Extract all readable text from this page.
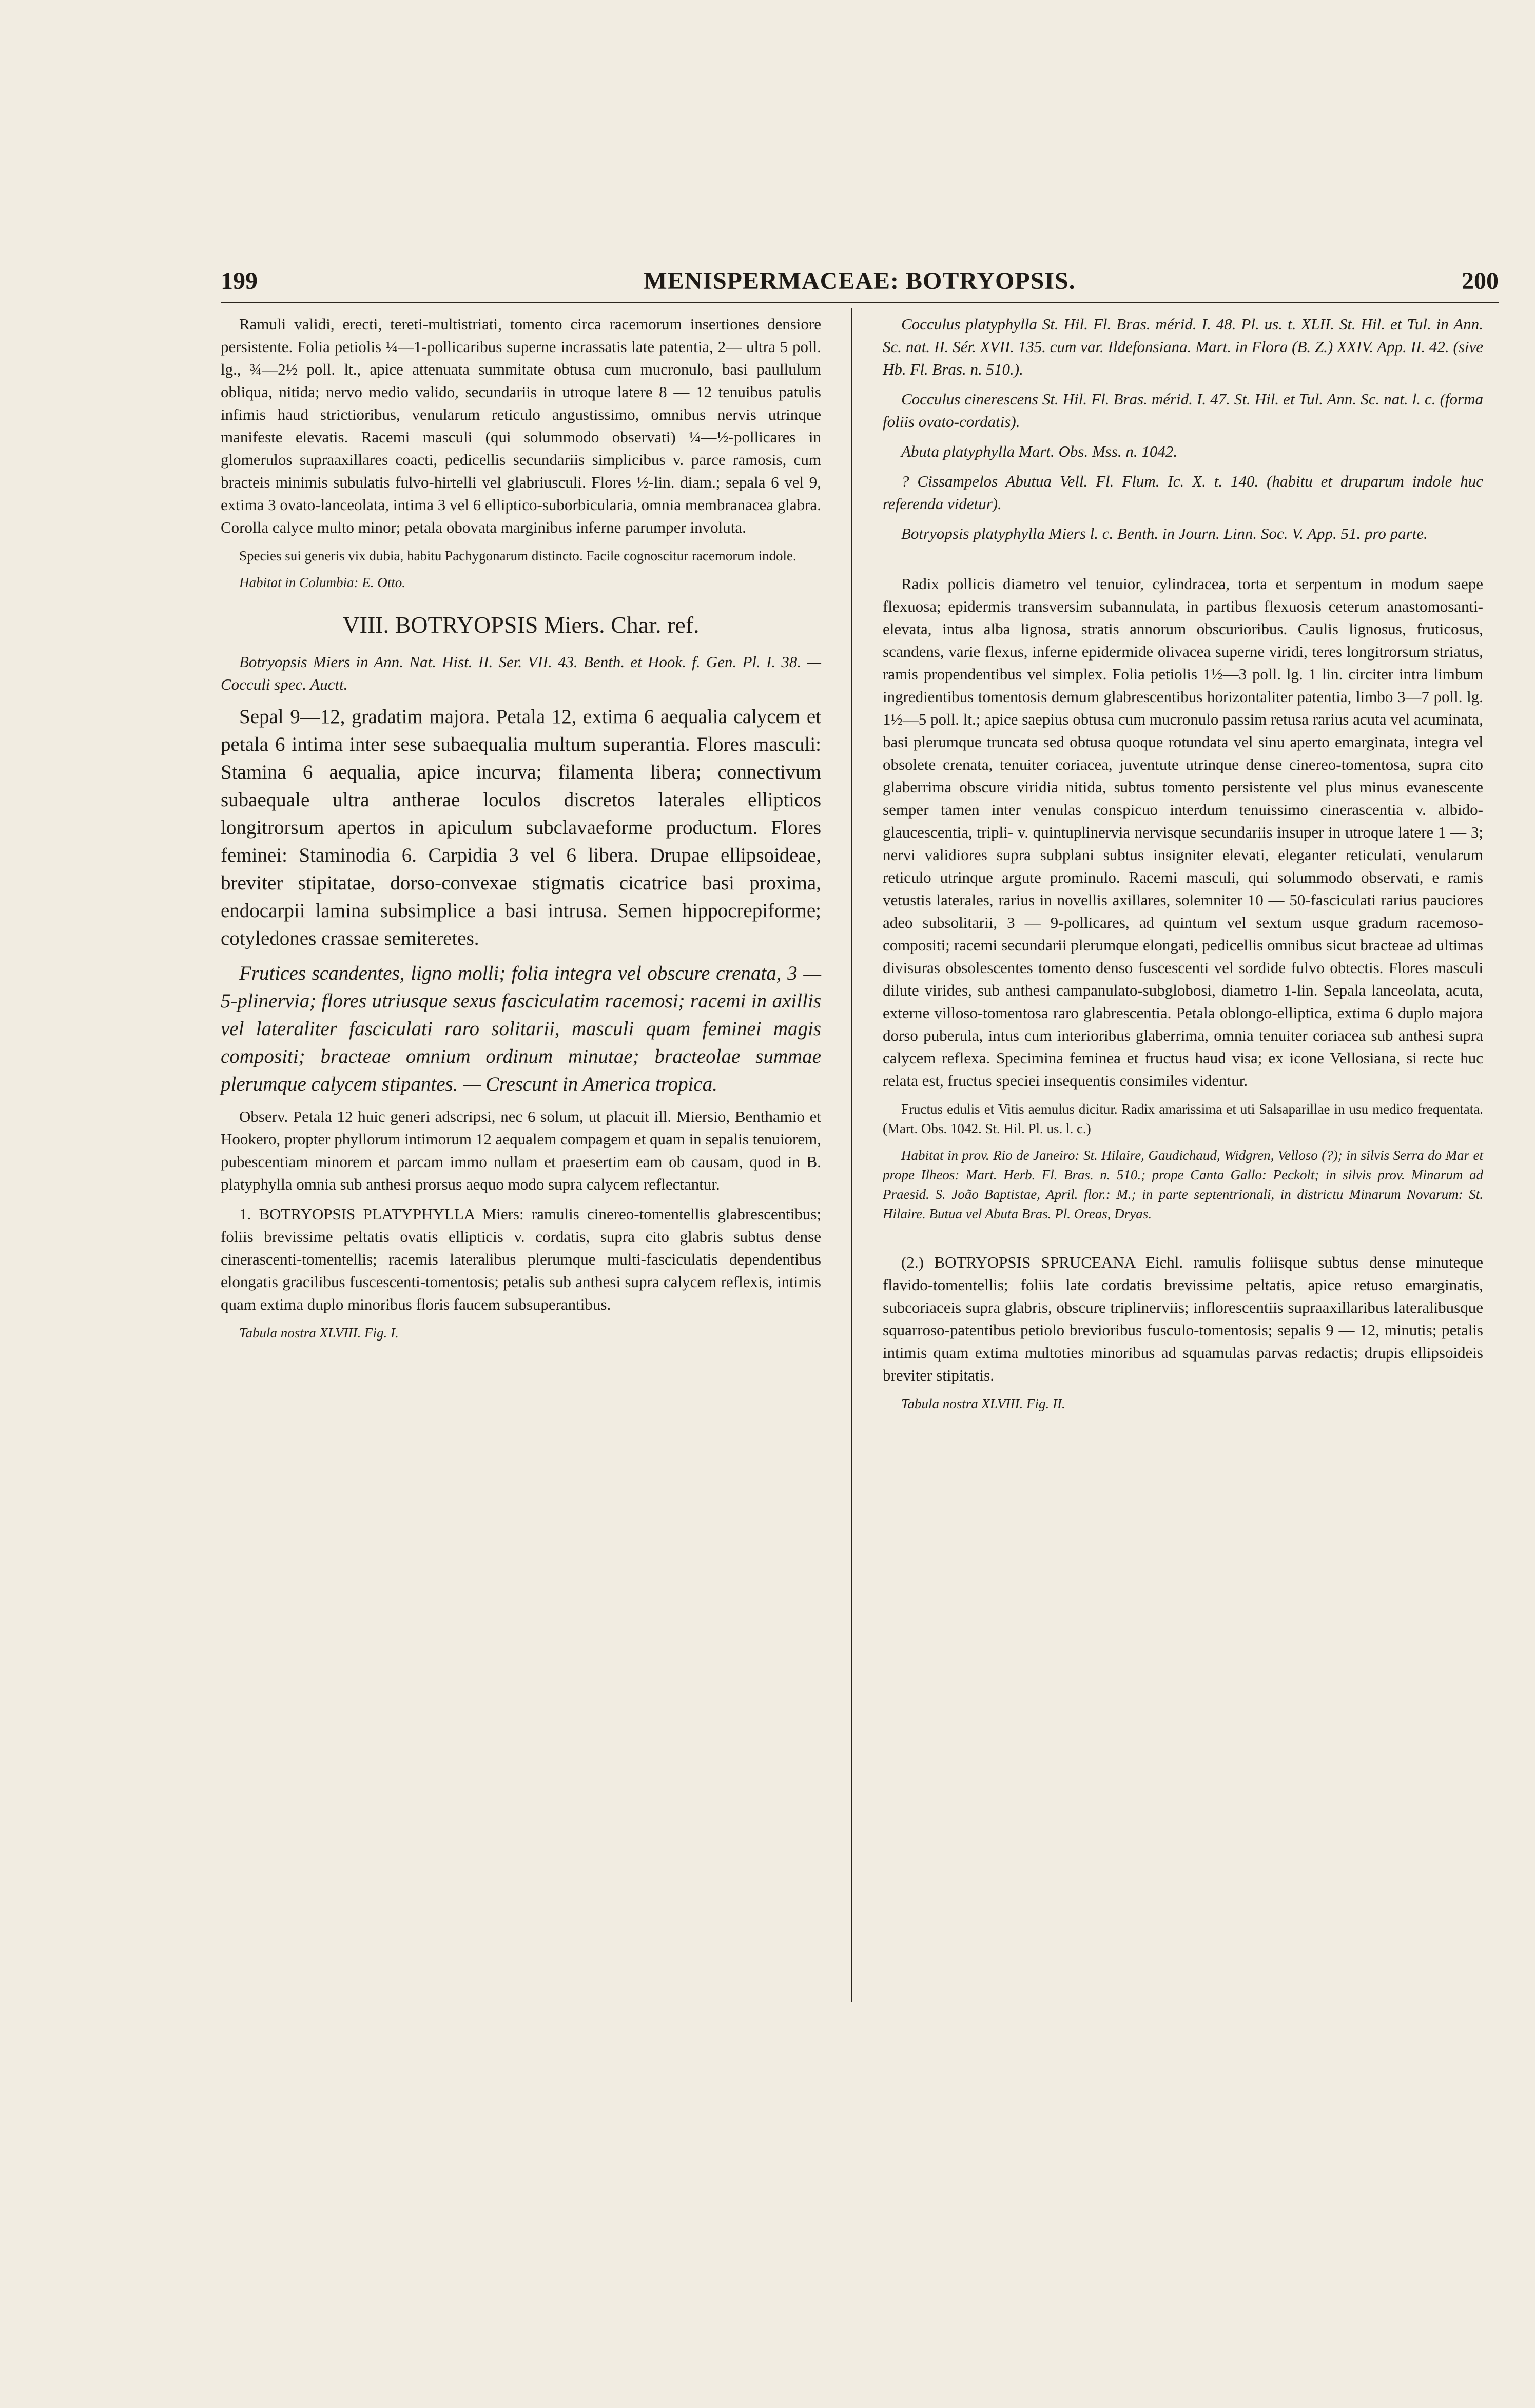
199	MENISPERMACEAE: BOTRYOPSIS.	200

Ramuli validi, erecti, tereti-multistriati, tomento circa racemorum insertiones densiore persistente. Folia petiolis ¼—1-pollicaribus superne incrassatis late patentia, 2— ultra 5 poll. lg., ¾—2½ poll. lt., apice attenuata summitate obtusa cum mucronulo, basi paullulum obliqua, nitida; nervo medio valido, secundariis in utroque latere 8 — 12 tenuibus patulis infimis haud strictioribus, venularum reticulo angustissimo, omnibus nervis utrinque manifeste elevatis. Racemi masculi (qui solummodo observati) ¼—½-pollicares in glomerulos supraaxillares coacti, pedicellis secundariis simplicibus v. parce ramosis, cum bracteis minimis subulatis fulvo-hirtelli vel glabriusculi. Flores ½-lin. diam.; sepala 6 vel 9, extima 3 ovato-lanceolata, intima 3 vel 6 elliptico-suborbicularia, omnia membranacea glabra. Corolla calyce multo minor; petala obovata marginibus inferne parumper involuta.

Species sui generis vix dubia, habitu Pachygonarum distincto. Facile cognoscitur racemorum indole.

Habitat in Columbia: E. Otto.

VIII. BOTRYOPSIS Miers. Char. ref.

Botryopsis Miers in Ann. Nat. Hist. II. Ser. VII. 43. Benth. et Hook. f. Gen. Pl. I. 38. — Cocculi spec. Auctt.

Sepal 9—12, gradatim majora. Petala 12, extima 6 aequalia calycem et petala 6 intima inter sese subaequalia multum superantia. Flores masculi: Stamina 6 aequalia, apice incurva; filamenta libera; connectivum subaequale ultra antherae loculos discretos laterales ellipticos longitrorsum apertos in apiculum subclavaeforme productum. Flores feminei: Staminodia 6. Carpidia 3 vel 6 libera. Drupae ellipsoideae, breviter stipitatae, dorso-convexae stigmatis cicatrice basi proxima, endocarpii lamina subsimplice a basi intrusa. Semen hippocrepiforme; cotyledones crassae semiteretes.

Frutices scandentes, ligno molli; folia integra vel obscure crenata, 3 — 5-plinervia; flores utriusque sexus fasciculatim racemosi; racemi in axillis vel lateraliter fasciculati raro solitarii, masculi quam feminei magis compositi; bracteae omnium ordinum minutae; bracteolae summae plerumque calycem stipantes. — Crescunt in America tropica.

Observ. Petala 12 huic generi adscripsi, nec 6 solum, ut placuit ill. Miersio, Benthamio et Hookero, propter phyllorum intimorum 12 aequalem compagem et quam in sepalis tenuiorem, pubescentiam minorem et parcam immo nullam et praesertim eam ob causam, quod in B. platyphylla omnia sub anthesi prorsus aequo modo supra calycem reflectantur.

1. BOTRYOPSIS PLATYPHYLLA Miers: ramulis cinereo-tomentellis glabrescentibus; foliis brevissime peltatis ovatis ellipticis v. cordatis, supra cito glabris subtus dense cinerascenti-tomentellis; racemis lateralibus plerumque multi-fasciculatis dependentibus elongatis gracilibus fuscescenti-tomentosis; petalis sub anthesi supra calycem reflexis, intimis quam extima duplo minoribus floris faucem subsuperantibus.

Tabula nostra XLVIII. Fig. I.

Cocculus platyphylla St. Hil. Fl. Bras. mérid. I. 48. Pl. us. t. XLII. St. Hil. et Tul. in Ann. Sc. nat. II. Sér. XVII. 135. cum var. Ildefonsiana. Mart. in Flora (B. Z.) XXIV. App. II. 42. (sive Hb. Fl. Bras. n. 510.).

Cocculus cinerescens St. Hil. Fl. Bras. mérid. I. 47. St. Hil. et Tul. Ann. Sc. nat. l. c. (forma foliis ovato-cordatis).

Abuta platyphylla Mart. Obs. Mss. n. 1042.

? Cissampelos Abutua Vell. Fl. Flum. Ic. X. t. 140. (habitu et druparum indole huc referenda videtur).

Botryopsis platyphylla Miers l. c. Benth. in Journ. Linn. Soc. V. App. 51. pro parte.

Radix pollicis diametro vel tenuior, cylindracea, torta et serpentum in modum saepe flexuosa; epidermis transversim subannulata, in partibus flexuosis ceterum anastomosanti-elevata, intus alba lignosa, stratis annorum obscurioribus. Caulis lignosus, fruticosus, scandens, varie flexus, inferne epidermide olivacea superne viridi, teres longitrorsum striatus, ramis propendentibus vel simplex. Folia petiolis 1½—3 poll. lg. 1 lin. circiter intra limbum ingredientibus tomentosis demum glabrescentibus horizontaliter patentia, limbo 3—7 poll. lg. 1½—5 poll. lt.; apice saepius obtusa cum mucronulo passim retusa rarius acuta vel acuminata, basi plerumque truncata sed obtusa quoque rotundata vel sinu aperto emarginata, integra vel obsolete crenata, tenuiter coriacea, juventute utrinque dense cinereo-tomentosa, supra cito glaberrima obscure viridia nitida, subtus tomento persistente vel plus minus evanescente semper tamen inter venulas conspicuo interdum tenuissimo cinerascentia v. albido-glaucescentia, tripli- v. quintuplinervia nervisque secundariis insuper in utroque latere 1 — 3; nervi validiores supra subplani subtus insigniter elevati, eleganter reticulati, venularum reticulo utrinque argute prominulo. Racemi masculi, qui solummodo observati, e ramis vetustis laterales, rarius in novellis axillares, solemniter 10 — 50-fasciculati rarius pauciores adeo subsolitarii, 3 — 9-pollicares, ad quintum vel sextum usque gradum racemoso-compositi; racemi secundarii plerumque elongati, pedicellis omnibus sicut bracteae ad ultimas divisuras obsolescentes tomento denso fuscescenti vel sordide fulvo obtectis. Flores masculi dilute virides, sub anthesi campanulato-subglobosi, diametro 1-lin. Sepala lanceolata, acuta, externe villoso-tomentosa raro glabrescentia. Petala oblongo-elliptica, extima 6 duplo majora dorso puberula, intus cum interioribus glaberrima, omnia tenuiter coriacea sub anthesi supra calycem reflexa. Specimina feminea et fructus haud visa; ex icone Vellosiana, si recte huc relata est, fructus speciei insequentis consimiles videntur.

Fructus edulis et Vitis aemulus dicitur. Radix amarissima et uti Salsaparillae in usu medico frequentata. (Mart. Obs. 1042. St. Hil. Pl. us. l. c.)

Habitat in prov. Rio de Janeiro: St. Hilaire, Gaudichaud, Widgren, Velloso (?); in silvis Serra do Mar et prope Ilheos: Mart. Herb. Fl. Bras. n. 510.; prope Canta Gallo: Peckolt; in silvis prov. Minarum ad Praesid. S. João Baptistae, April. flor.: M.; in parte septentrionali, in districtu Minarum Novarum: St. Hilaire. Butua vel Abuta Bras. Pl. Oreas, Dryas.

(2.) BOTRYOPSIS SPRUCEANA Eichl. ramulis foliisque subtus dense minuteque flavido-tomentellis; foliis late cordatis brevissime peltatis, apice retuso emarginatis, subcoriaceis supra glabris, obscure triplinerviis; inflorescentiis supraaxillaribus lateralibusque squarroso-patentibus petiolo brevioribus fusculo-tomentosis; sepalis 9 — 12, minutis; petalis intimis quam extima multoties minoribus ad squamulas parvas redactis; drupis ellipsoideis breviter stipitatis.

Tabula nostra XLVIII. Fig. II.
